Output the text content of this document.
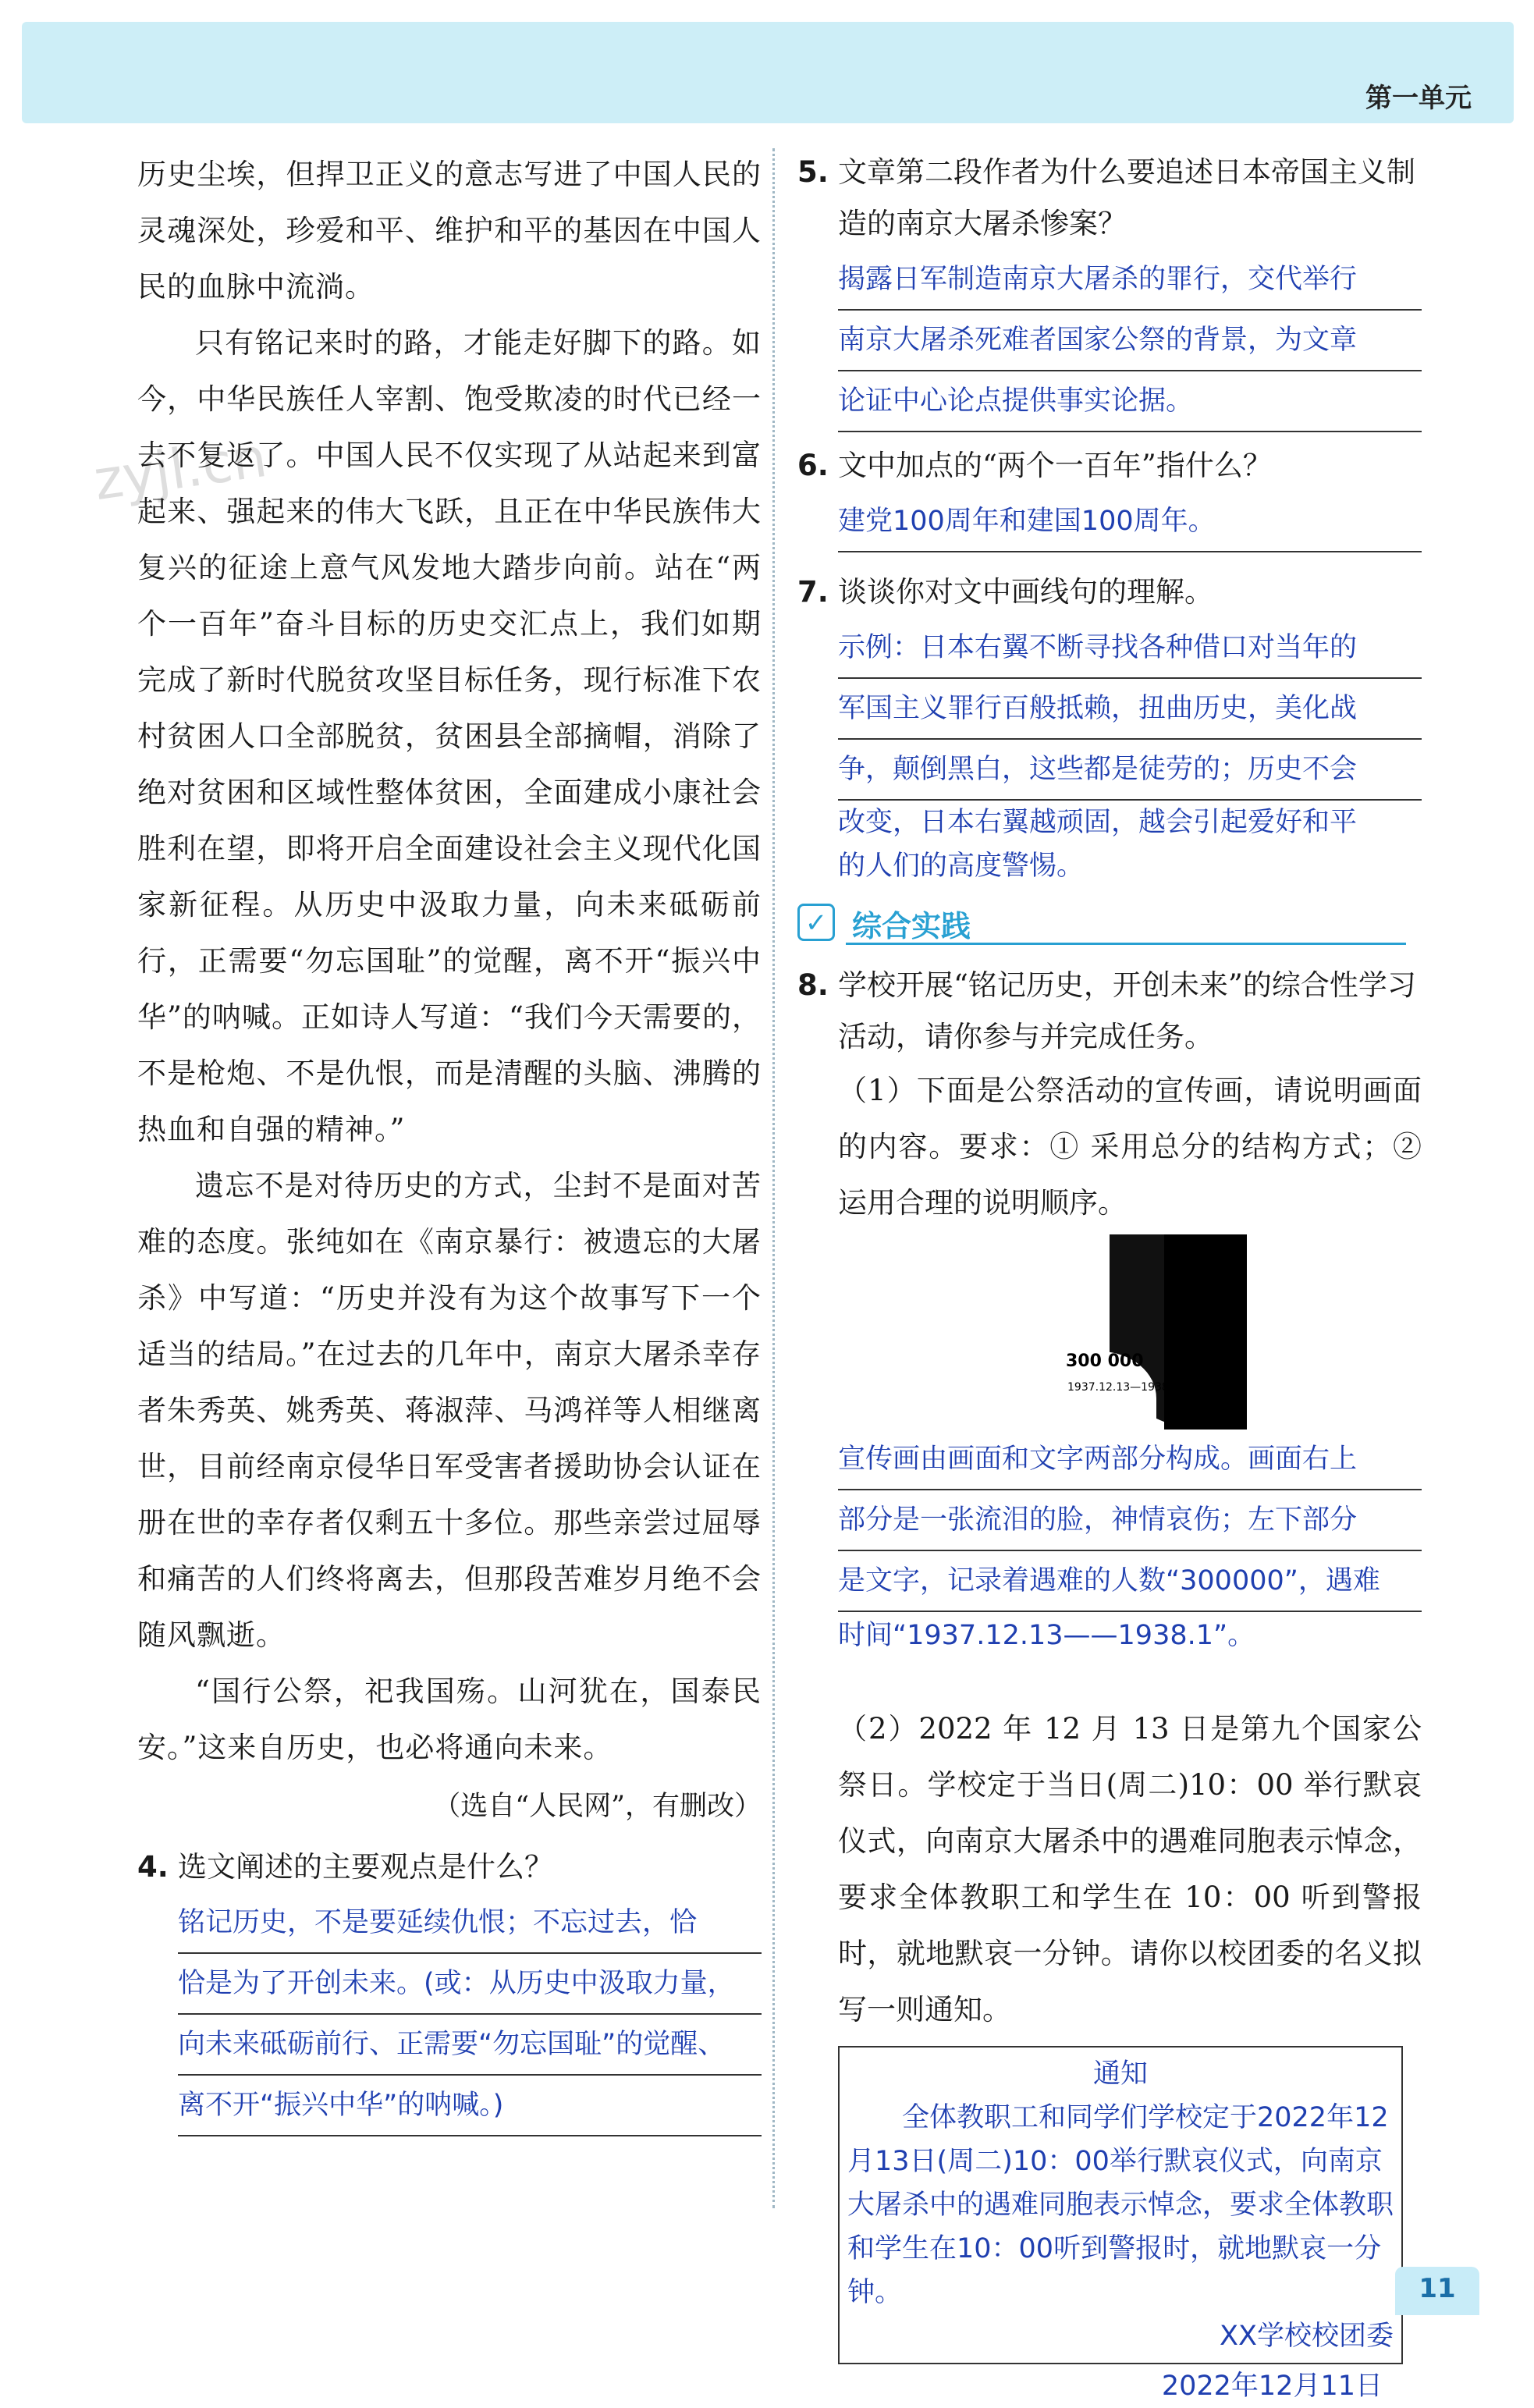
第一单元
zyjl.cn

历史尘埃，但捍卫正义的意志写进了中国人民的灵魂深处，珍爱和平、维护和平的基因在中国人民的血脉中流淌。

只有铭记来时的路，才能走好脚下的路。如今，中华民族任人宰割、饱受欺凌的时代已经一去不复返了。中国人民不仅实现了从站起来到富起来、强起来的伟大飞跃，且正在中华民族伟大复兴的征途上意气风发地大踏步向前。站在“两个一百年”奋斗目标的历史交汇点上，我们如期完成了新时代脱贫攻坚目标任务，现行标准下农村贫困人口全部脱贫，贫困县全部摘帽，消除了绝对贫困和区域性整体贫困，全面建成小康社会胜利在望，即将开启全面建设社会主义现代化国家新征程。从历史中汲取力量，向未来砥砺前行，正需要“勿忘国耻”的觉醒，离不开“振兴中华”的呐喊。正如诗人写道：“我们今天需要的，不是枪炮、不是仇恨，而是清醒的头脑、沸腾的热血和自强的精神。”

遗忘不是对待历史的方式，尘封不是面对苦难的态度。张纯如在《南京暴行：被遗忘的大屠杀》中写道：“历史并没有为这个故事写下一个适当的结局。”在过去的几年中，南京大屠杀幸存者朱秀英、姚秀英、蒋淑萍、马鸿祥等人相继离世，目前经南京侵华日军受害者援助协会认证在册在世的幸存者仅剩五十多位。那些亲尝过屈辱和痛苦的人们终将离去，但那段苦难岁月绝不会随风飘逝。

“国行公祭，祀我国殇。山河犹在，国泰民安。”这来自历史，也必将通向未来。

（选自“人民网”，有删改）
4. 选文阐述的主要观点是什么？
铭记历史，不是要延续仇恨；不忘过去，恰
恰是为了开创未来。(或：从历史中汲取力量，
向未来砥砺前行、正需要“勿忘国耻”的觉醒、
离不开“振兴中华”的呐喊。)
5. 文章第二段作者为什么要追述日本帝国主义制造的南京大屠杀惨案？
揭露日军制造南京大屠杀的罪行，交代举行
南京大屠杀死难者国家公祭的背景，为文章
论证中心论点提供事实论据。
6. 文中加点的“两个一百年”指什么？
建党100周年和建国100周年。
7. 谈谈你对文中画线句的理解。
示例：日本右翼不断寻找各种借口对当年的
军国主义罪行百般抵赖，扭曲历史，美化战
争，颠倒黑白，这些都是徒劳的；历史不会
改变，日本右翼越顽固，越会引起爱好和平
的人们的高度警惕。
✓ 综合实践
8. 学校开展“铭记历史，开创未来”的综合性学习活动，请你参与并完成任务。

（1）下面是公祭活动的宣传画，请说明画面的内容。要求：① 采用总分的结构方式；② 运用合理的说明顺序。

300 000
1937.12.13—1938.1
宣传画由画面和文字两部分构成。画面右上
部分是一张流泪的脸，神情哀伤；左下部分
是文字，记录着遇难的人数“300000”，遇难
时间“1937.12.13——1938.1”。

（2）2022 年 12 月 13 日是第九个国家公祭日。学校定于当日(周二)10：00 举行默哀仪式，向南京大屠杀中的遇难同胞表示悼念，要求全体教职工和学生在 10：00 听到警报时，就地默哀一分钟。请你以校团委的名义拟写一则通知。

通知
全体教职工和同学们学校定于2022年12月13日(周二)10：00举行默哀仪式，向南京大屠杀中的遇难同胞表示悼念，要求全体教职和学生在10：00听到警报时，就地默哀一分钟。
XX学校校团委
2022年12月11日
11
